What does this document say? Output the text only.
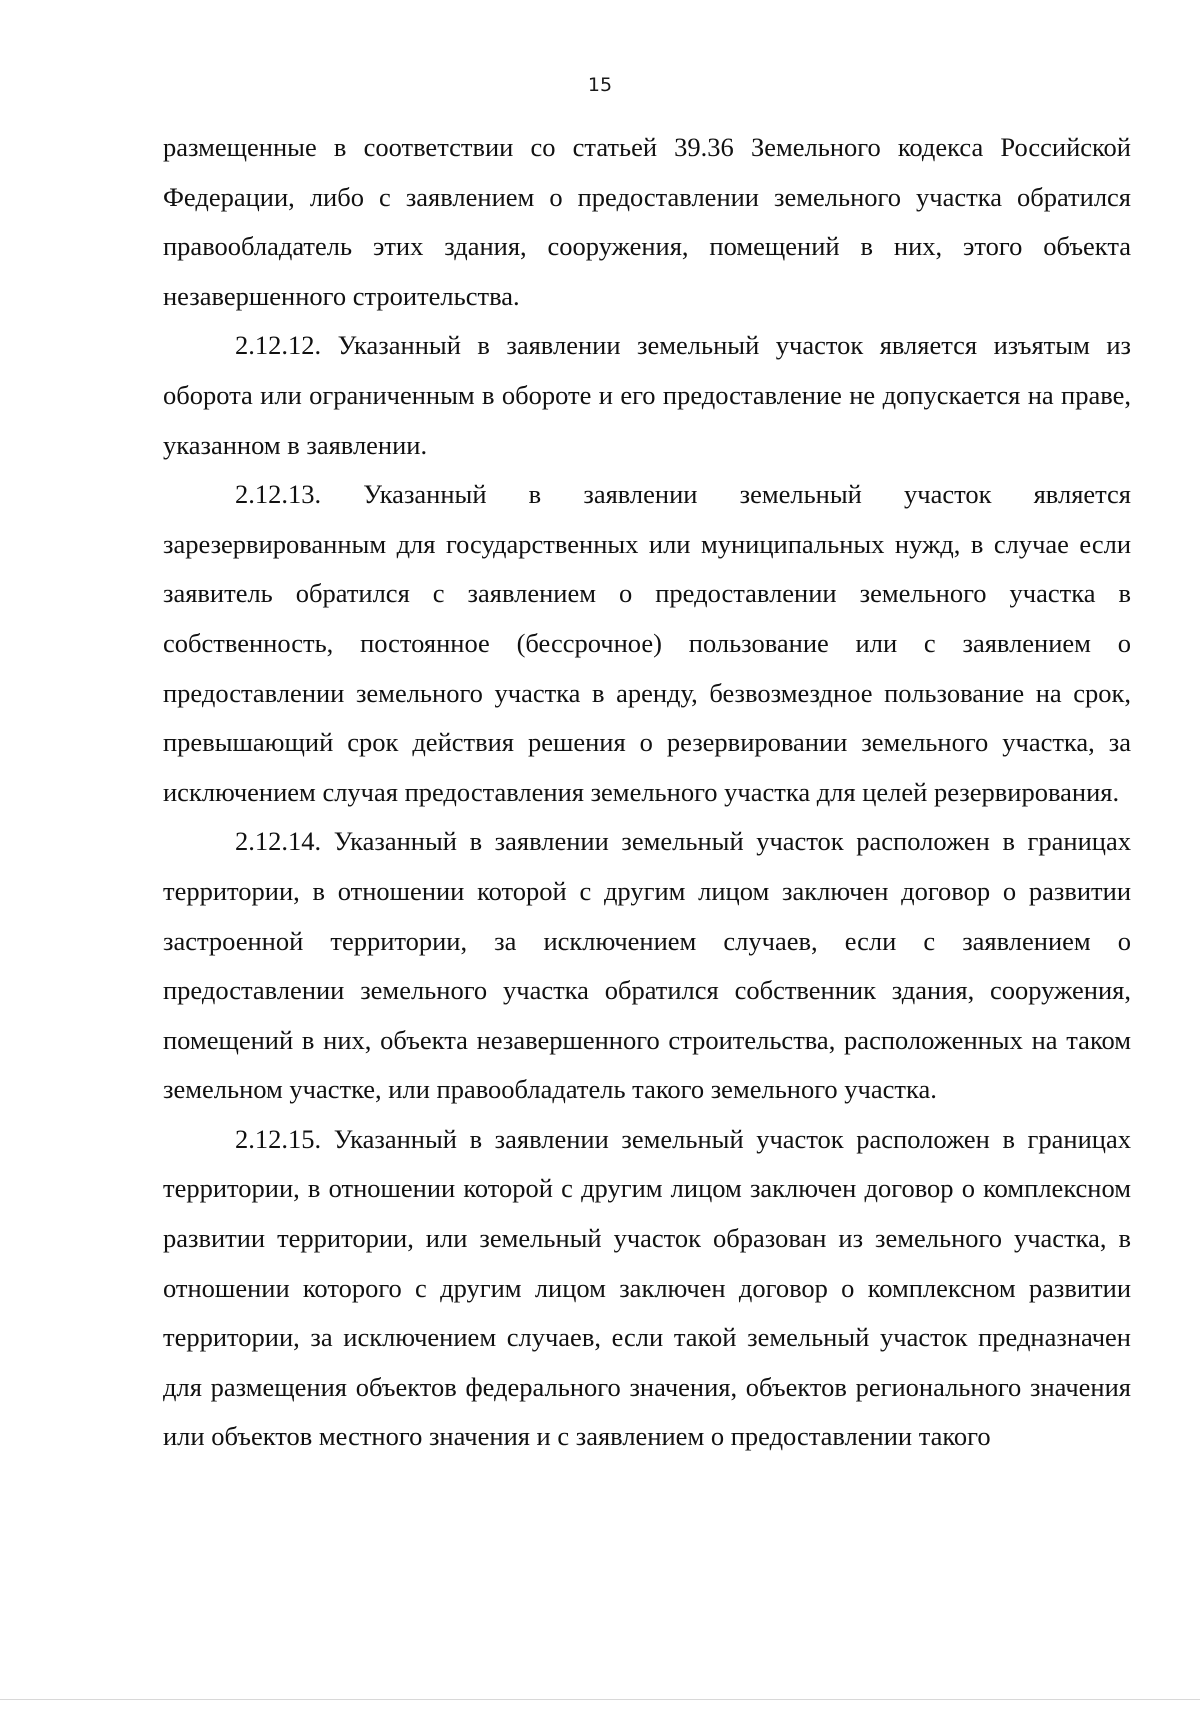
15

размещенные в соответствии со статьей 39.36 Земельного кодекса Российской Федерации, либо с заявлением о предоставлении земельного участка обратился правообладатель этих здания, сооружения, помещений в них, этого объекта незавершенного строительства.

2.12.12. Указанный в заявлении земельный участок является изъятым из оборота или ограниченным в обороте и его предоставление не допускается на праве, указанном в заявлении.

2.12.13. Указанный в заявлении земельный участок является зарезервированным для государственных или муниципальных нужд, в случае если заявитель обратился с заявлением о предоставлении земельного участка в собственность, постоянное (бессрочное) пользование или с заявлением о предоставлении земельного участка в аренду, безвозмездное пользование на срок, превышающий срок действия решения о резервировании земельного участка, за исключением случая предоставления земельного участка для целей резервирования.

2.12.14. Указанный в заявлении земельный участок расположен в границах территории, в отношении которой с другим лицом заключен договор о развитии застроенной территории, за исключением случаев, если с заявлением о предоставлении земельного участка обратился собственник здания, сооружения, помещений в них, объекта незавершенного строительства, расположенных на таком земельном участке, или правообладатель такого земельного участка.

2.12.15. Указанный в заявлении земельный участок расположен в границах территории, в отношении которой с другим лицом заключен договор о комплексном развитии территории, или земельный участок образован из земельного участка, в отношении которого с другим лицом заключен договор о комплексном развитии территории, за исключением случаев, если такой земельный участок предназначен для размещения объектов федерального значения, объектов регионального значения или объектов местного значения и с заявлением о предоставлении такого
